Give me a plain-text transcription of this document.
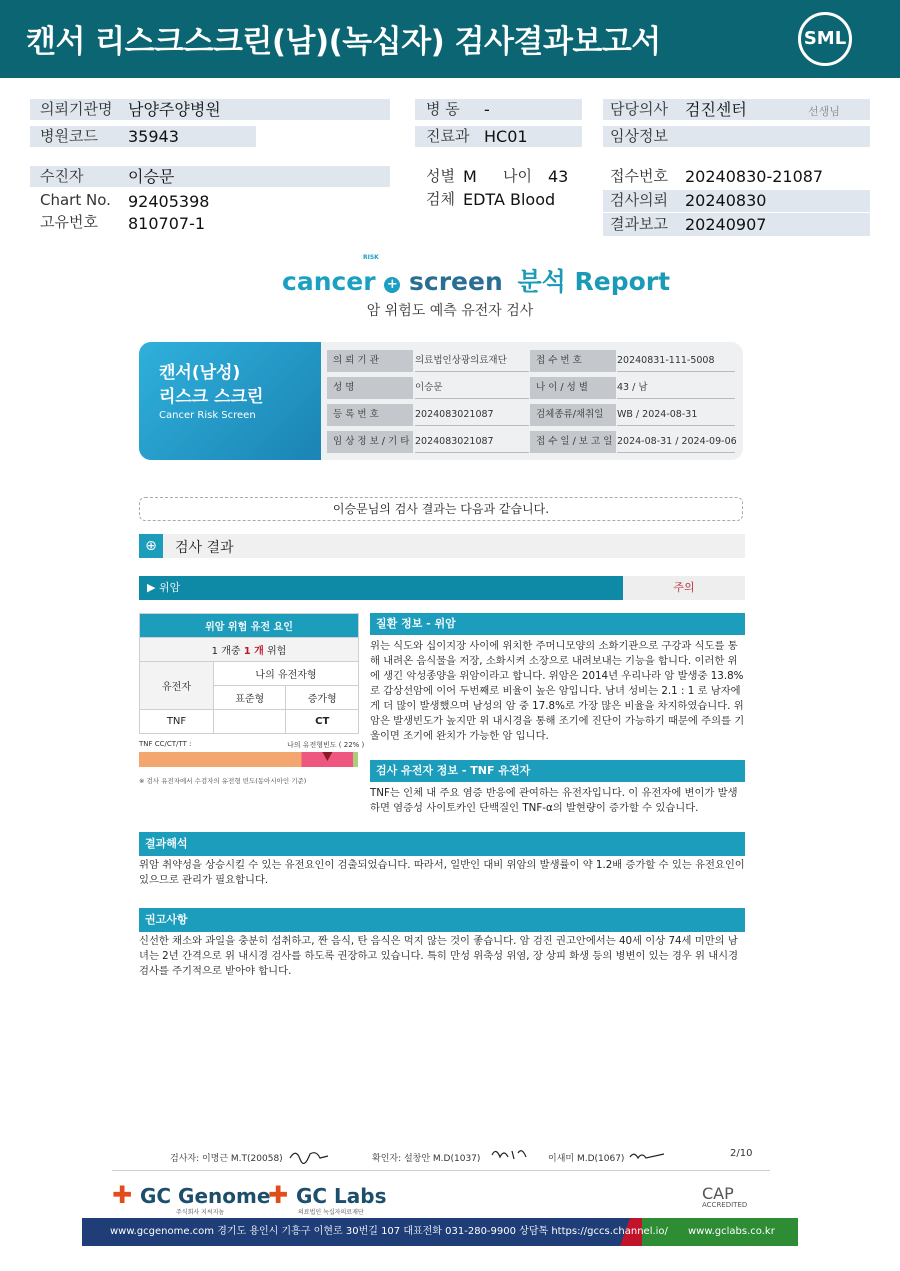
캔서 리스크스크린(남)(녹십자) 검사결과보고서	SML
의뢰기관명 남양주양병원
병원코드 35943
병 동 -
진료과 HC01
담당의사 검진센터	선생님
임상정보
수진자	이승문
Chart No. 92405398
고유번호 810707-1
성별 M 나이 43
검체 EDTA Blood
접수번호 20240830-21087
검사의뢰 20240830
결과보고 20240907
cancer +
RISK
screen 분석 Report
암 위험도 예측 유전자 검사
캔서(남성)
리스크 스크린
Cancer Risk Screen
의 뢰 기 관	의료법인상광의료재단	접 수 번 호	20240831-111-5008
성 명	이승문	나 이 / 성 별	43 / 남
등 록 번 호	2024083021087	검체종류/채취일	WB / 2024-08-31
임 상 정 보 / 기 타 2024083021087	접 수 일 / 보 고 일 2024-08-31 / 2024-09-06
이승문님의 검사 결과는 다음과 같습니다.
⊕	검사 결과
▶ 위암	주의
위암 위험 유전 요인		
1 개중 1 개 위험		
유전자	나의 유전자형	
	표준형	증가형
TNF		CT
TNF CC/CT/TT :	나의 유전형빈도 ( 22% )
※ 검사 유전자에서 수검자의 유전형 빈도(동아시아인 기준)
질환 정보 - 위암
위는 식도와 십이지장 사이에 위치한 주머니모양의 소화기관으로 구강과 식도를 통해 내려온 음식물을 저장, 소화시켜 소장으로 내려보내는 기능을 합니다. 이러한 위에 생긴 악성종양을 위암이라고 합니다. 위암은 2014년 우리나라 암 발생중 13.8%로 갑상선암에 이어 두번째로 비율이 높은 암입니다. 남녀 성비는 2.1 : 1 로 남자에게 더 많이 발생했으며 남성의 암 중 17.8%로 가장 많은 비율을 차지하였습니다. 위암은 발생빈도가 높지만 위 내시경을 통해 조기에 진단이 가능하기 때문에 주의를 기울이면 조기에 완치가 가능한 암 입니다.
검사 유전자 정보 - TNF 유전자
TNF는 인체 내 주요 염증 반응에 관여하는 유전자입니다. 이 유전자에 변이가 발생하면 염증성 사이토카인 단백질인 TNF-α의 발현량이 증가할 수 있습니다.
결과해석
위암 취약성을 상승시킬 수 있는 유전요인이 검출되었습니다. 따라서, 일반인 대비 위암의 발생률이 약 1.2배 증가할 수 있는 유전요인이 있으므로 관리가 필요합니다.
권고사항
신선한 채소와 과일을 충분히 섭취하고, 짠 음식, 탄 음식은 먹지 않는 것이 좋습니다. 암 검진 권고안에서는 40세 이상 74세 미만의 남녀는 2년 간격으로 위 내시경 검사를 하도록 권장하고 있습니다. 특히 만성 위축성 위염, 장 상피 화생 등의 병변이 있는 경우 위 내시경 검사를 주기적으로 받아야 합니다.
검사자: 이명근 M.T(20058)	확인자: 설창안 M.D(1037)	이새미 M.D(1067)	2/10
✚ GC Genome
주식회사 지씨지놈
✚ GC Labs
의료법인 녹십자의료재단
CAP
ACCREDITED
www.gcgenome.com 경기도 용인시 기흥구 이현로 30번길 107 대표전화 031-280-9900 상담톡 https://gccs.channel.io/ www.gclabs.co.kr
